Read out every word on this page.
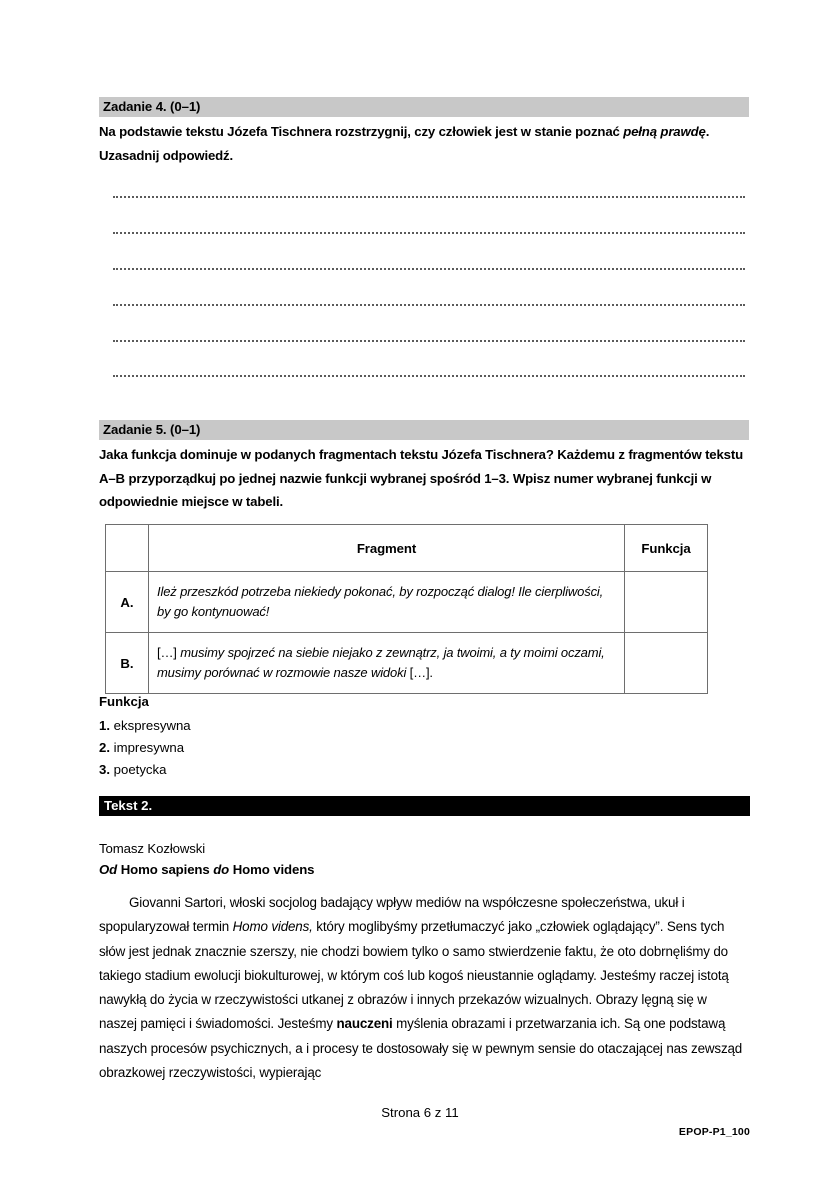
Zadanie 4. (0–1)
Na podstawie tekstu Józefa Tischnera rozstrzygnij, czy człowiek jest w stanie poznać pełną prawdę. Uzasadnij odpowiedź.
Zadanie 5. (0–1)
Jaka funkcja dominuje w podanych fragmentach tekstu Józefa Tischnera? Każdemu z fragmentów tekstu A–B przyporządkuj po jednej nazwie funkcji wybranej spośród 1–3. Wpisz numer wybranej funkcji w odpowiednie miejsce w tabeli.
	Fragment	Funkcja
A.	Ileż przeszkód potrzeba niekiedy pokonać, by rozpocząć dialog! Ile cierpliwości, by go kontynuować!	
B.	[…] musimy spojrzeć na siebie niejako z zewnątrz, ja twoimi, a ty moimi oczami, musimy porównać w rozmowie nasze widoki […].	
Funkcja
1. ekspresywna
2. impresywna
3. poetycka
Tekst 2.
Tomasz Kozłowski
Od Homo sapiens do Homo videns
Giovanni Sartori, włoski socjolog badający wpływ mediów na współczesne społeczeństwa, ukuł i spopularyzował termin Homo videns, który moglibyśmy przetłumaczyć jako „człowiek oglądający”. Sens tych słów jest jednak znacznie szerszy, nie chodzi bowiem tylko o samo stwierdzenie faktu, że oto dobrnęliśmy do takiego stadium ewolucji biokulturowej, w którym coś lub kogoś nieustannie oglądamy. Jesteśmy raczej istotą nawykłą do życia w rzeczywistości utkanej z obrazów i innych przekazów wizualnych. Obrazy lęgną się w naszej pamięci i świadomości. Jesteśmy nauczeni myślenia obrazami i przetwarzania ich. Są one podstawą naszych procesów psychicznych, a i procesy te dostosowały się w pewnym sensie do otaczającej nas zewsząd obrazkowej rzeczywistości, wypierając
Strona 6 z 11
EPOP-P1_100
